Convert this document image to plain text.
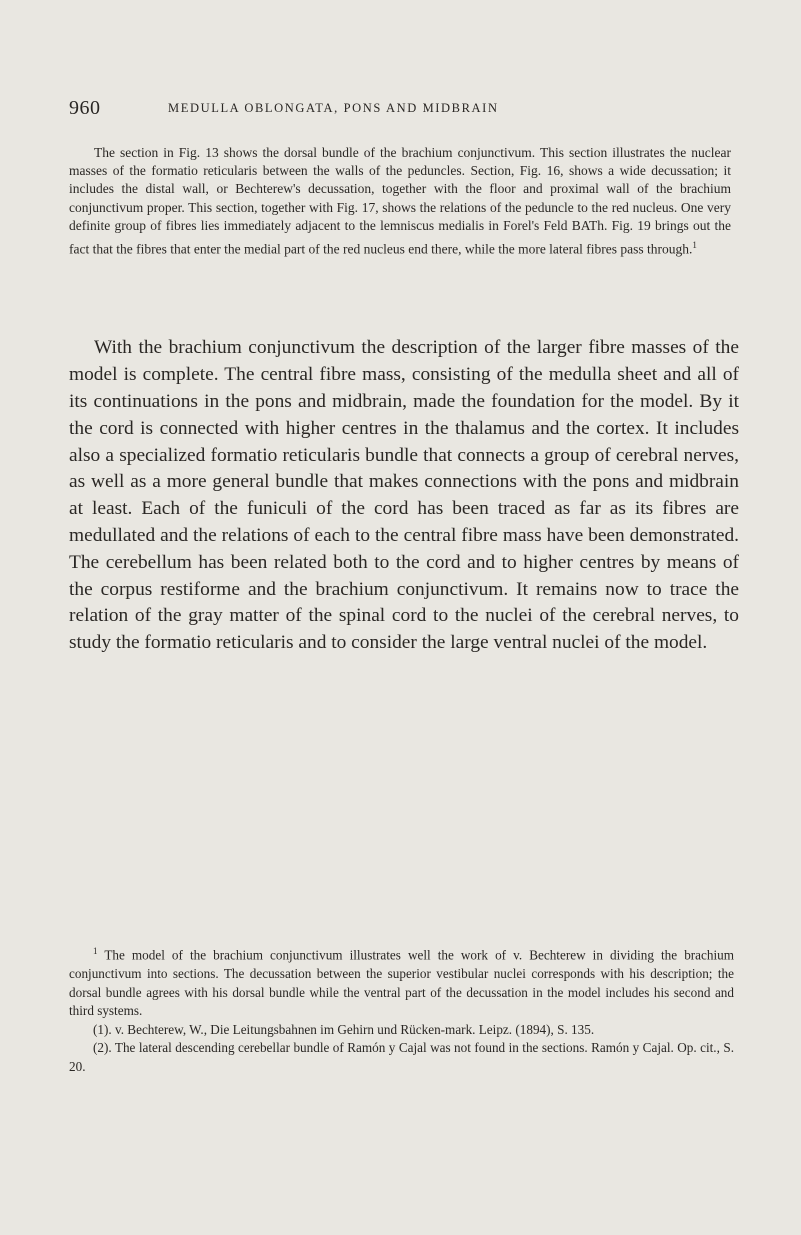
960	MEDULLA OBLONGATA, PONS AND MIDBRAIN

The section in Fig. 13 shows the dorsal bundle of the brachium conjunctivum. This section illustrates the nuclear masses of the formatio reticularis between the walls of the peduncles. Section, Fig. 16, shows a wide decussation; it includes the distal wall, or Bechterew's decussation, together with the floor and proximal wall of the brachium conjunctivum proper. This section, together with Fig. 17, shows the relations of the peduncle to the red nucleus. One very definite group of fibres lies immediately adjacent to the lemniscus medialis in Forel's Feld BATh. Fig. 19 brings out the fact that the fibres that enter the medial part of the red nucleus end there, while the more lateral fibres pass through.$^1$

With the brachium conjunctivum the description of the larger fibre masses of the model is complete. The central fibre mass, consisting of the medulla sheet and all of its continuations in the pons and midbrain, made the foundation for the model. By it the cord is connected with higher centres in the thalamus and the cortex. It includes also a specialized formatio reticularis bundle that connects a group of cerebral nerves, as well as a more general bundle that makes connections with the pons and midbrain at least. Each of the funiculi of the cord has been traced as far as its fibres are medullated and the relations of each to the central fibre mass have been demonstrated. The cerebellum has been related both to the cord and to higher centres by means of the corpus restiforme and the brachium conjunctivum. It remains now to trace the relation of the gray matter of the spinal cord to the nuclei of the cerebral nerves, to study the formatio reticularis and to consider the large ventral nuclei of the model.

$^1$ The model of the brachium conjunctivum illustrates well the work of v. Bechterew in dividing the brachium conjunctivum into sections. The decussation between the superior vestibular nuclei corresponds with his description; the dorsal bundle agrees with his dorsal bundle while the ventral part of the decussation in the model includes his second and third systems.

(1). v. Bechterew, W., Die Leitungsbahnen im Gehirn und Rücken-mark. Leipz. (1894), S. 135.

(2). The lateral descending cerebellar bundle of Ramón y Cajal was not found in the sections. Ramón y Cajal. Op. cit., S. 20.
